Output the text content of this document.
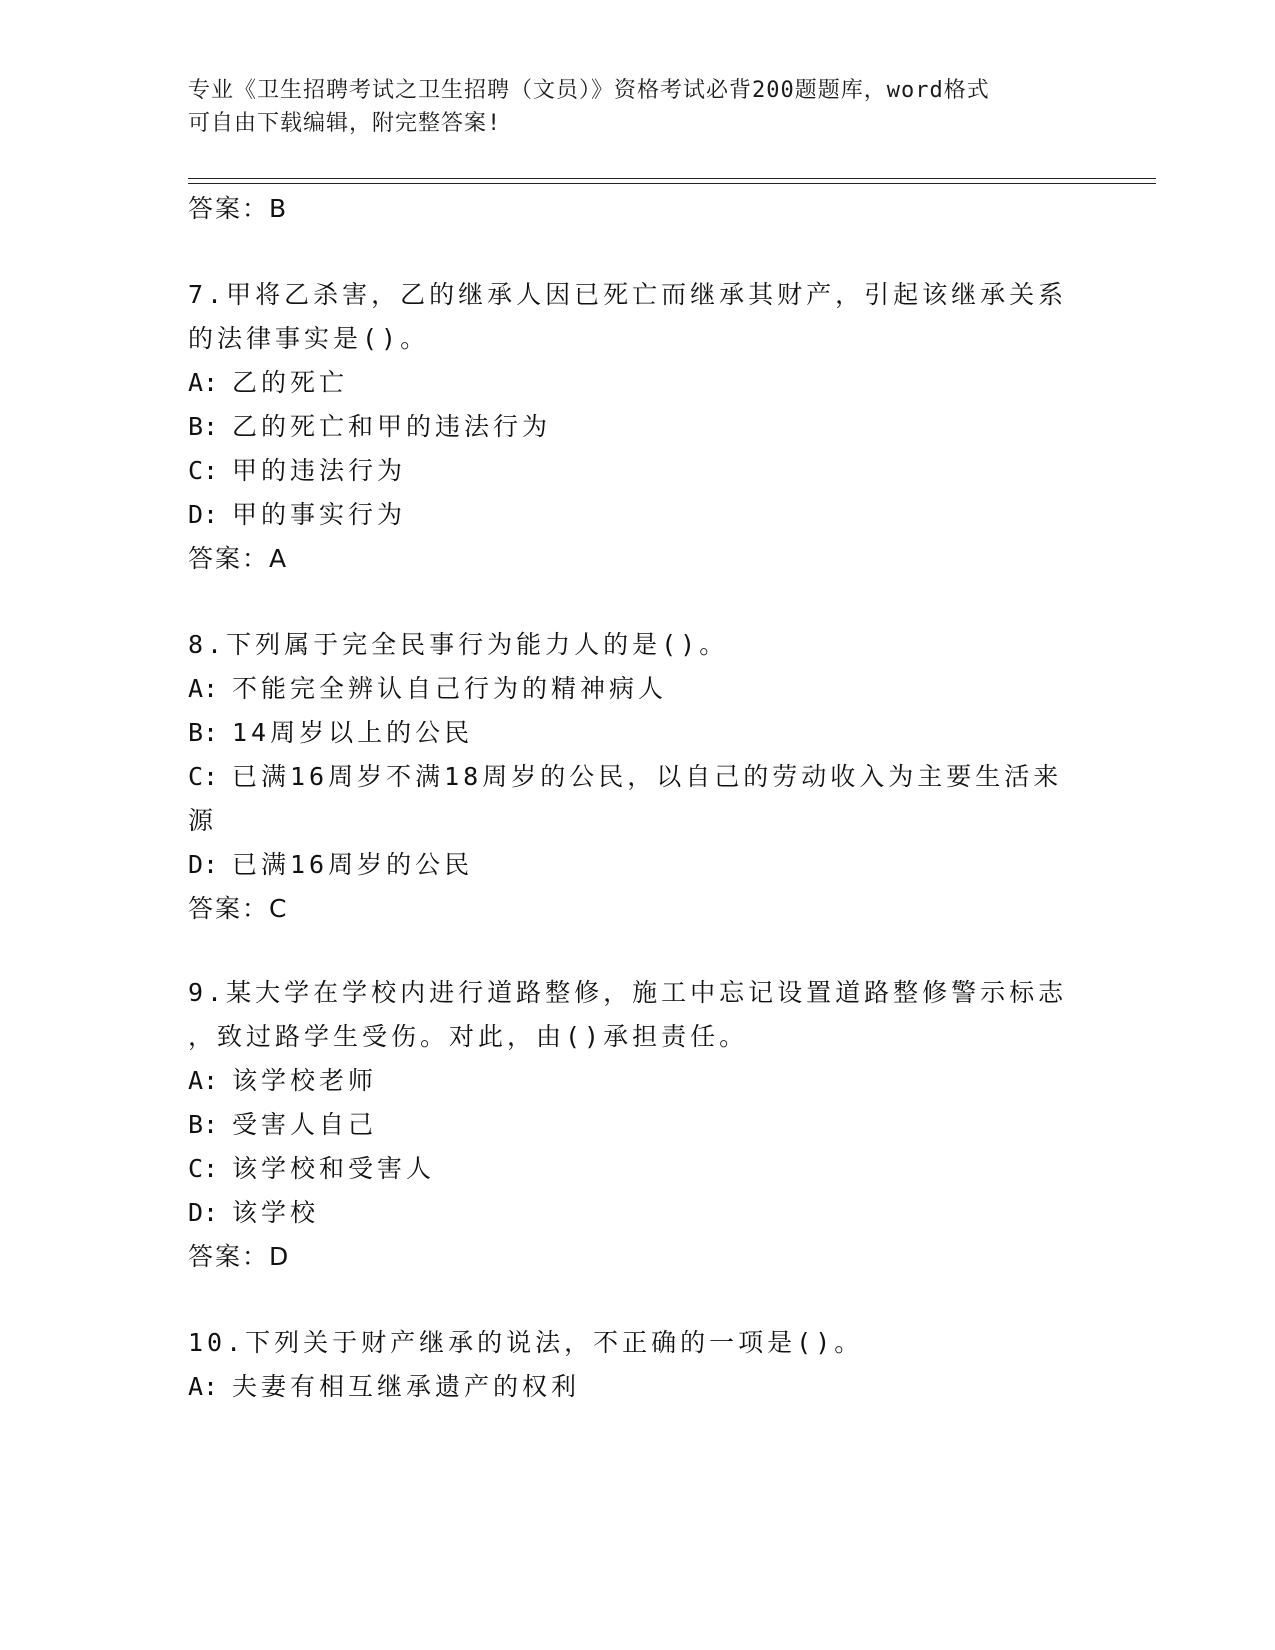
专业《卫生招聘考试之卫生招聘（文员）》资格考试必背200题题库，word格式
可自由下载编辑，附完整答案!
答案：B
7.甲将乙杀害，乙的继承人因已死亡而继承其财产，引起该继承关系
的法律事实是()。
A: 乙的死亡
B: 乙的死亡和甲的违法行为
C: 甲的违法行为
D: 甲的事实行为
答案：A
8.下列属于完全民事行为能力人的是()。
A: 不能完全辨认自己行为的精神病人
B: 14周岁以上的公民
C: 已满16周岁不满18周岁的公民，以自己的劳动收入为主要生活来
源
D: 已满16周岁的公民
答案：C
9.某大学在学校内进行道路整修，施工中忘记设置道路整修警示标志
，致过路学生受伤。对此，由()承担责任。
A: 该学校老师
B: 受害人自己
C: 该学校和受害人
D: 该学校
答案：D
10.下列关于财产继承的说法，不正确的一项是()。
A: 夫妻有相互继承遗产的权利
